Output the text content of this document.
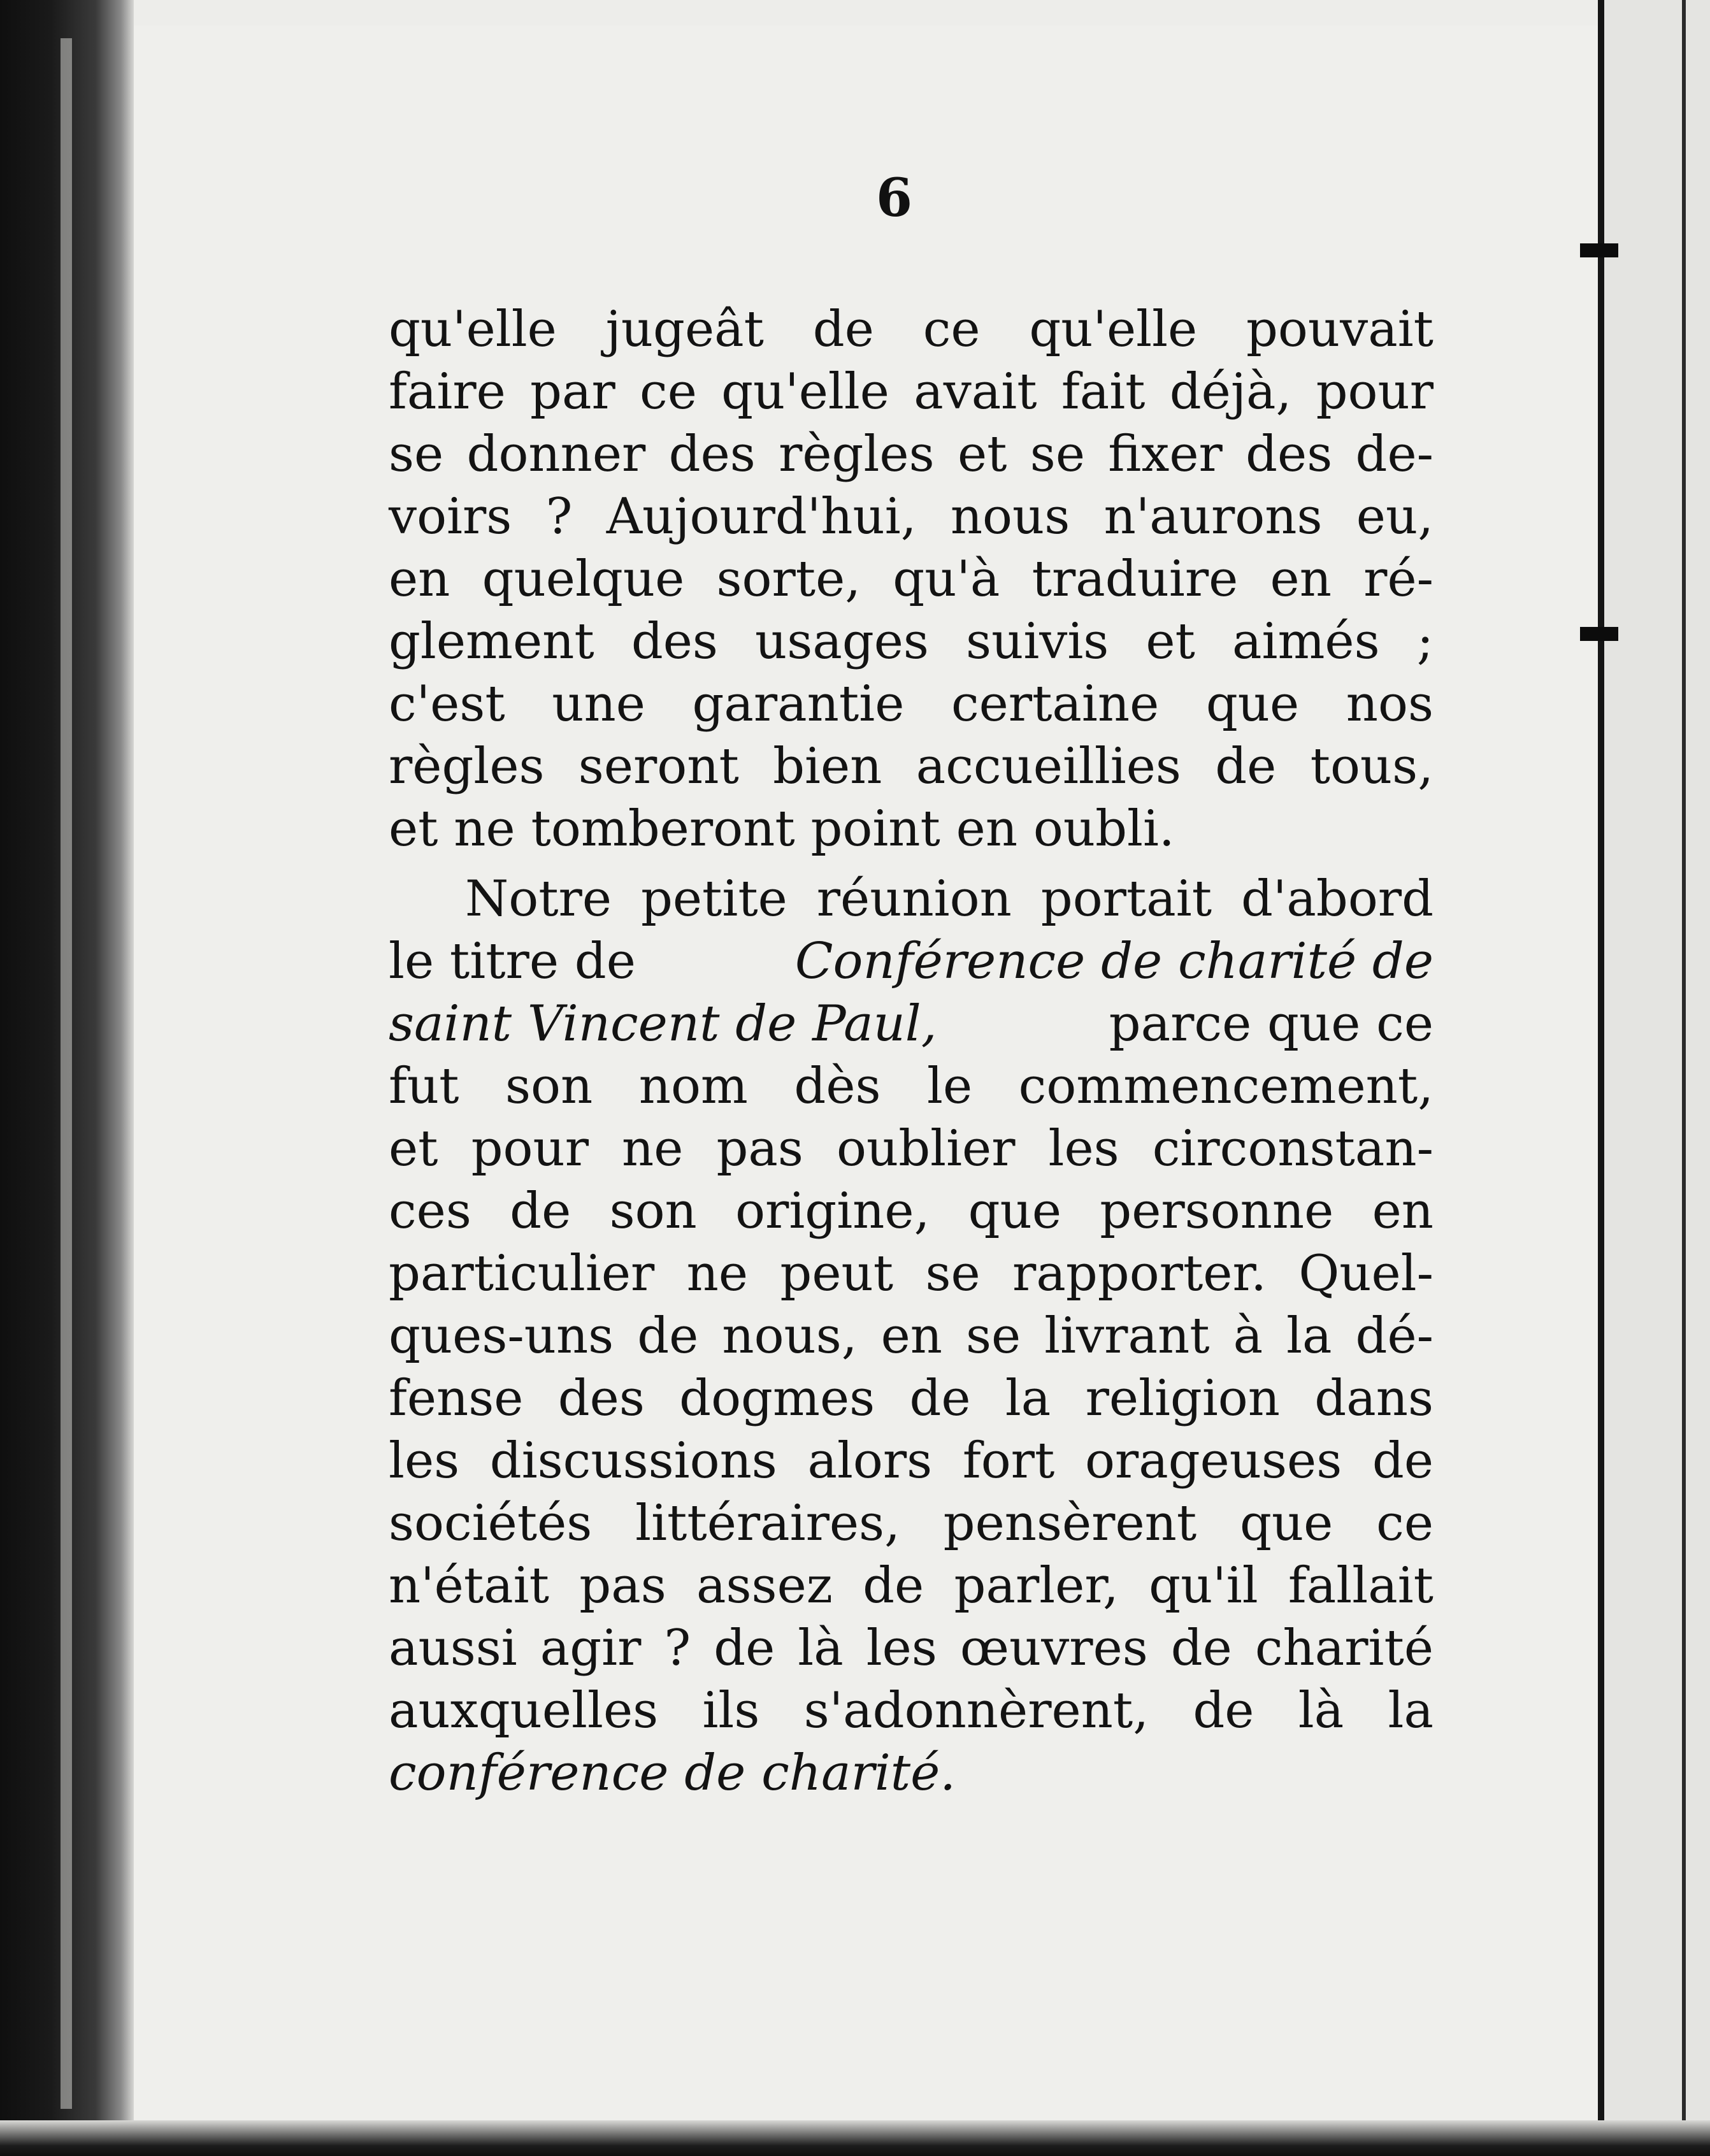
6
qu'elle jugeât de ce qu'elle pouvait
faire par ce qu'elle avait fait déjà, pour
se donner des règles et se fixer des de-
voirs ? Aujourd'hui, nous n'aurons eu,
en quelque sorte, qu'à traduire en ré-
glement des usages suivis et aimés ;
c'est une garantie certaine que nos
règles seront bien accueillies de tous,
et ne tomberont point en oubli.
Notre petite réunion portait d'abord
le titre de	Conférence de charité de
saint Vincent de Paul,	parce que ce
fut son nom dès le commencement,
et pour ne pas oublier les circonstan-
ces de son origine, que personne en
particulier ne peut se rapporter. Quel-
ques-uns de nous, en se livrant à la dé-
fense des dogmes de la religion dans
les discussions alors fort orageuses de
sociétés littéraires, pensèrent que ce
n'était pas assez de parler, qu'il fallait
aussi agir ? de là les œuvres de charité
auxquelles ils s'adonnèrent, de là la
conférence de charité.
